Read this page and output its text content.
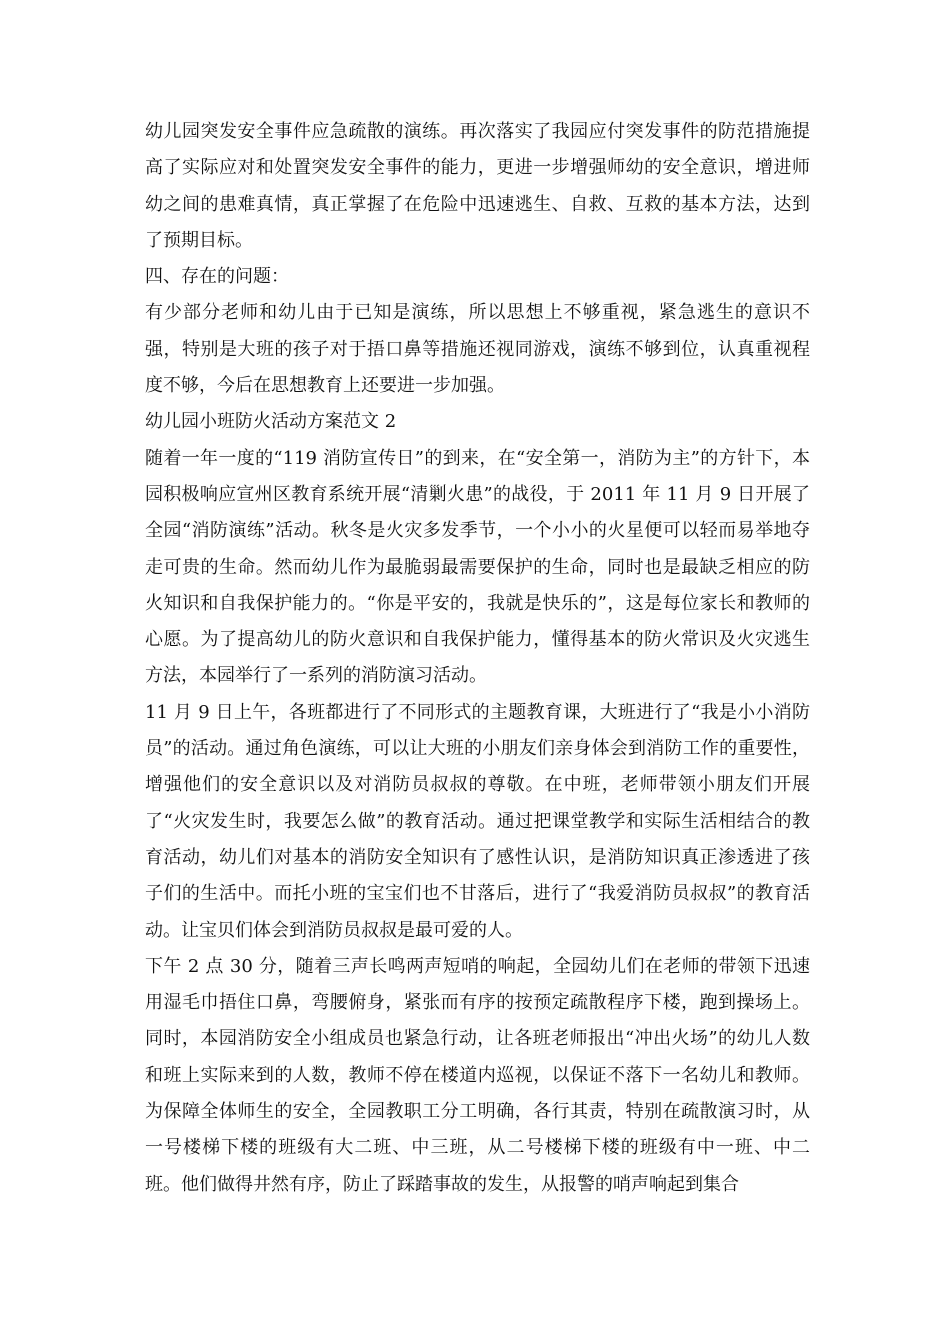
幼儿园突发安全事件应急疏散的演练。再次落实了我园应付突发事件的防范措施提高了实际应对和处置突发安全事件的能力，更进一步增强师幼的安全意识，增进师幼之间的患难真情，真正掌握了在危险中迅速逃生、自救、互救的基本方法，达到了预期目标。

四、存在的问题：

有少部分老师和幼儿由于已知是演练，所以思想上不够重视，紧急逃生的意识不强，特别是大班的孩子对于捂口鼻等措施还视同游戏，演练不够到位，认真重视程度不够，今后在思想教育上还要进一步加强。

幼儿园小班防火活动方案范文 2

随着一年一度的“119 消防宣传日”的到来，在“安全第一，消防为主”的方针下，本园积极响应宣州区教育系统开展“清剿火患”的战役，于 2011 年 11 月 9 日开展了全园“消防演练”活动。秋冬是火灾多发季节，一个小小的火星便可以轻而易举地夺走可贵的生命。然而幼儿作为最脆弱最需要保护的生命，同时也是最缺乏相应的防火知识和自我保护能力的。“你是平安的，我就是快乐的”，这是每位家长和教师的心愿。为了提高幼儿的防火意识和自我保护能力，懂得基本的防火常识及火灾逃生方法，本园举行了一系列的消防演习活动。

11 月 9 日上午，各班都进行了不同形式的主题教育课，大班进行了“我是小小消防员”的活动。通过角色演练，可以让大班的小朋友们亲身体会到消防工作的重要性，增强他们的安全意识以及对消防员叔叔的尊敬。在中班，老师带领小朋友们开展了“火灾发生时，我要怎么做”的教育活动。通过把课堂教学和实际生活相结合的教育活动，幼儿们对基本的消防安全知识有了感性认识，是消防知识真正渗透进了孩子们的生活中。而托小班的宝宝们也不甘落后，进行了“我爱消防员叔叔”的教育活动。让宝贝们体会到消防员叔叔是最可爱的人。

下午 2 点 30 分，随着三声长鸣两声短哨的响起，全园幼儿们在老师的带领下迅速用湿毛巾捂住口鼻，弯腰俯身，紧张而有序的按预定疏散程序下楼，跑到操场上。同时，本园消防安全小组成员也紧急行动，让各班老师报出“冲出火场”的幼儿人数和班上实际来到的人数，教师不停在楼道内巡视，以保证不落下一名幼儿和教师。为保障全体师生的安全，全园教职工分工明确，各行其责，特别在疏散演习时，从一号楼梯下楼的班级有大二班、中三班，从二号楼梯下楼的班级有中一班、中二班。他们做得井然有序，防止了踩踏事故的发生，从报警的哨声响起到集合
